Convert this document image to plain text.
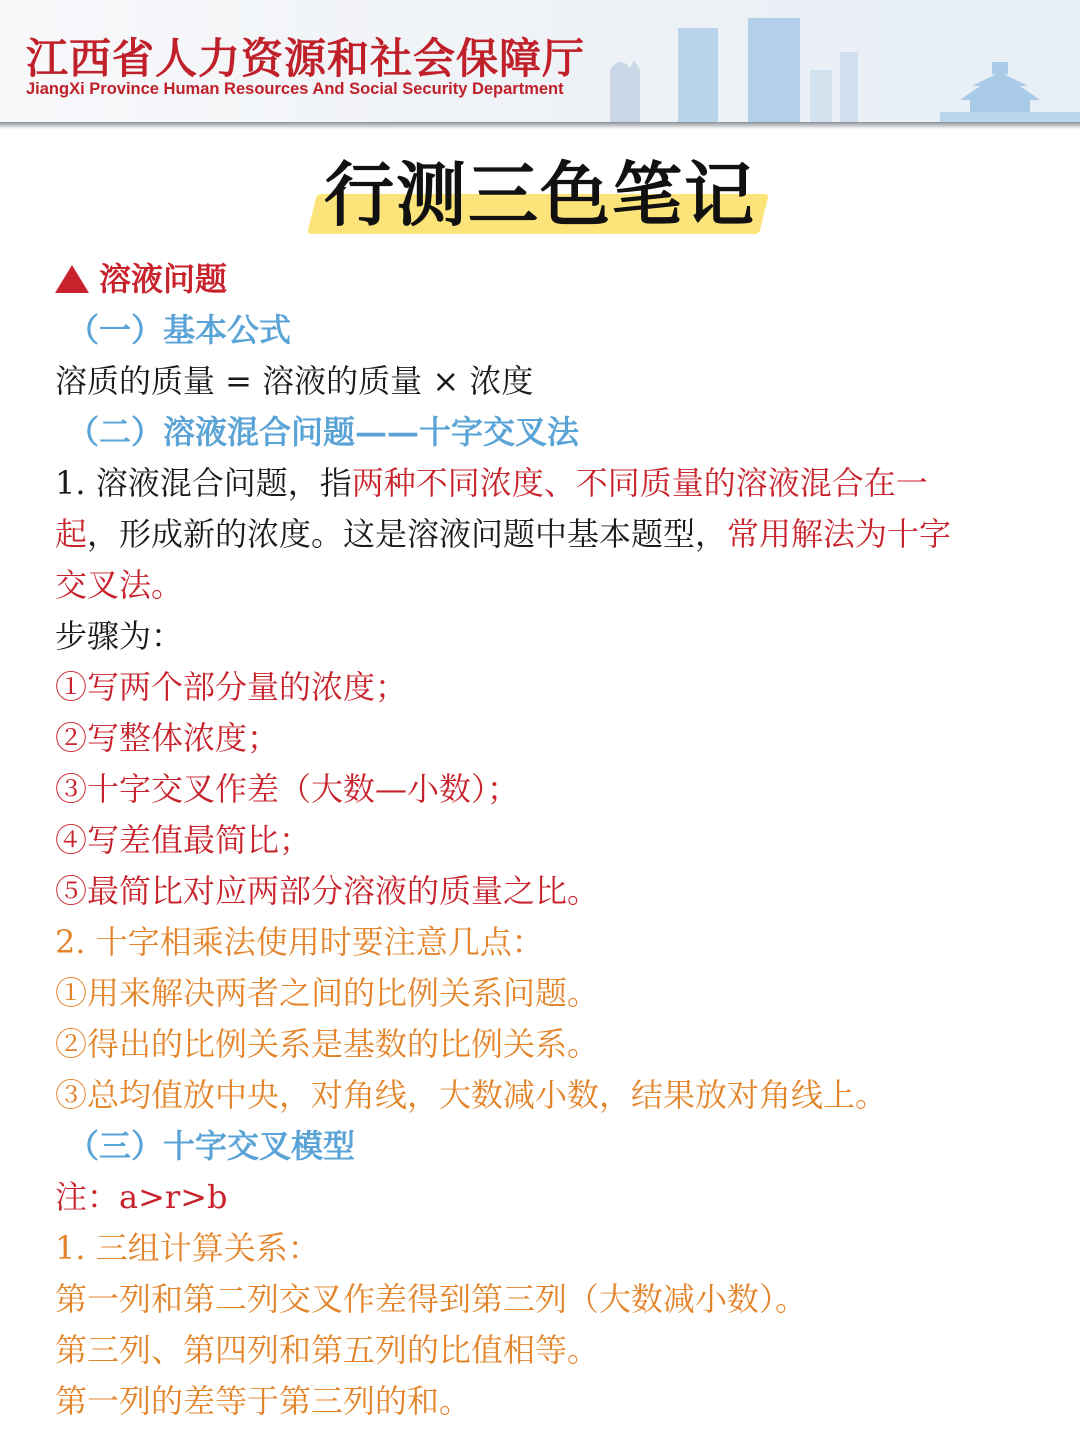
江西省人力资源和社会保障厅
JiangXi Province Human Resources And Social Security Department
行测三色笔记
溶液问题
（一）基本公式
溶质的质量 = 溶液的质量 × 浓度
（二）溶液混合问题——十字交叉法
1. 溶液混合问题，指两种不同浓度、不同质量的溶液混合在一
起，形成新的浓度。这是溶液问题中基本题型，常用解法为十字
交叉法。
步骤为：
①写两个部分量的浓度；
②写整体浓度；
③十字交叉作差（大数—小数）；
④写差值最简比；
⑤最简比对应两部分溶液的质量之比。
2. 十字相乘法使用时要注意几点：
①用来解决两者之间的比例关系问题。
②得出的比例关系是基数的比例关系。
③总均值放中央，对角线，大数减小数，结果放对角线上。
（三）十字交叉模型
注：a>r>b
1. 三组计算关系：
第一列和第二列交叉作差得到第三列（大数减小数）。
第三列、第四列和第五列的比值相等。
第一列的差等于第三列的和。
